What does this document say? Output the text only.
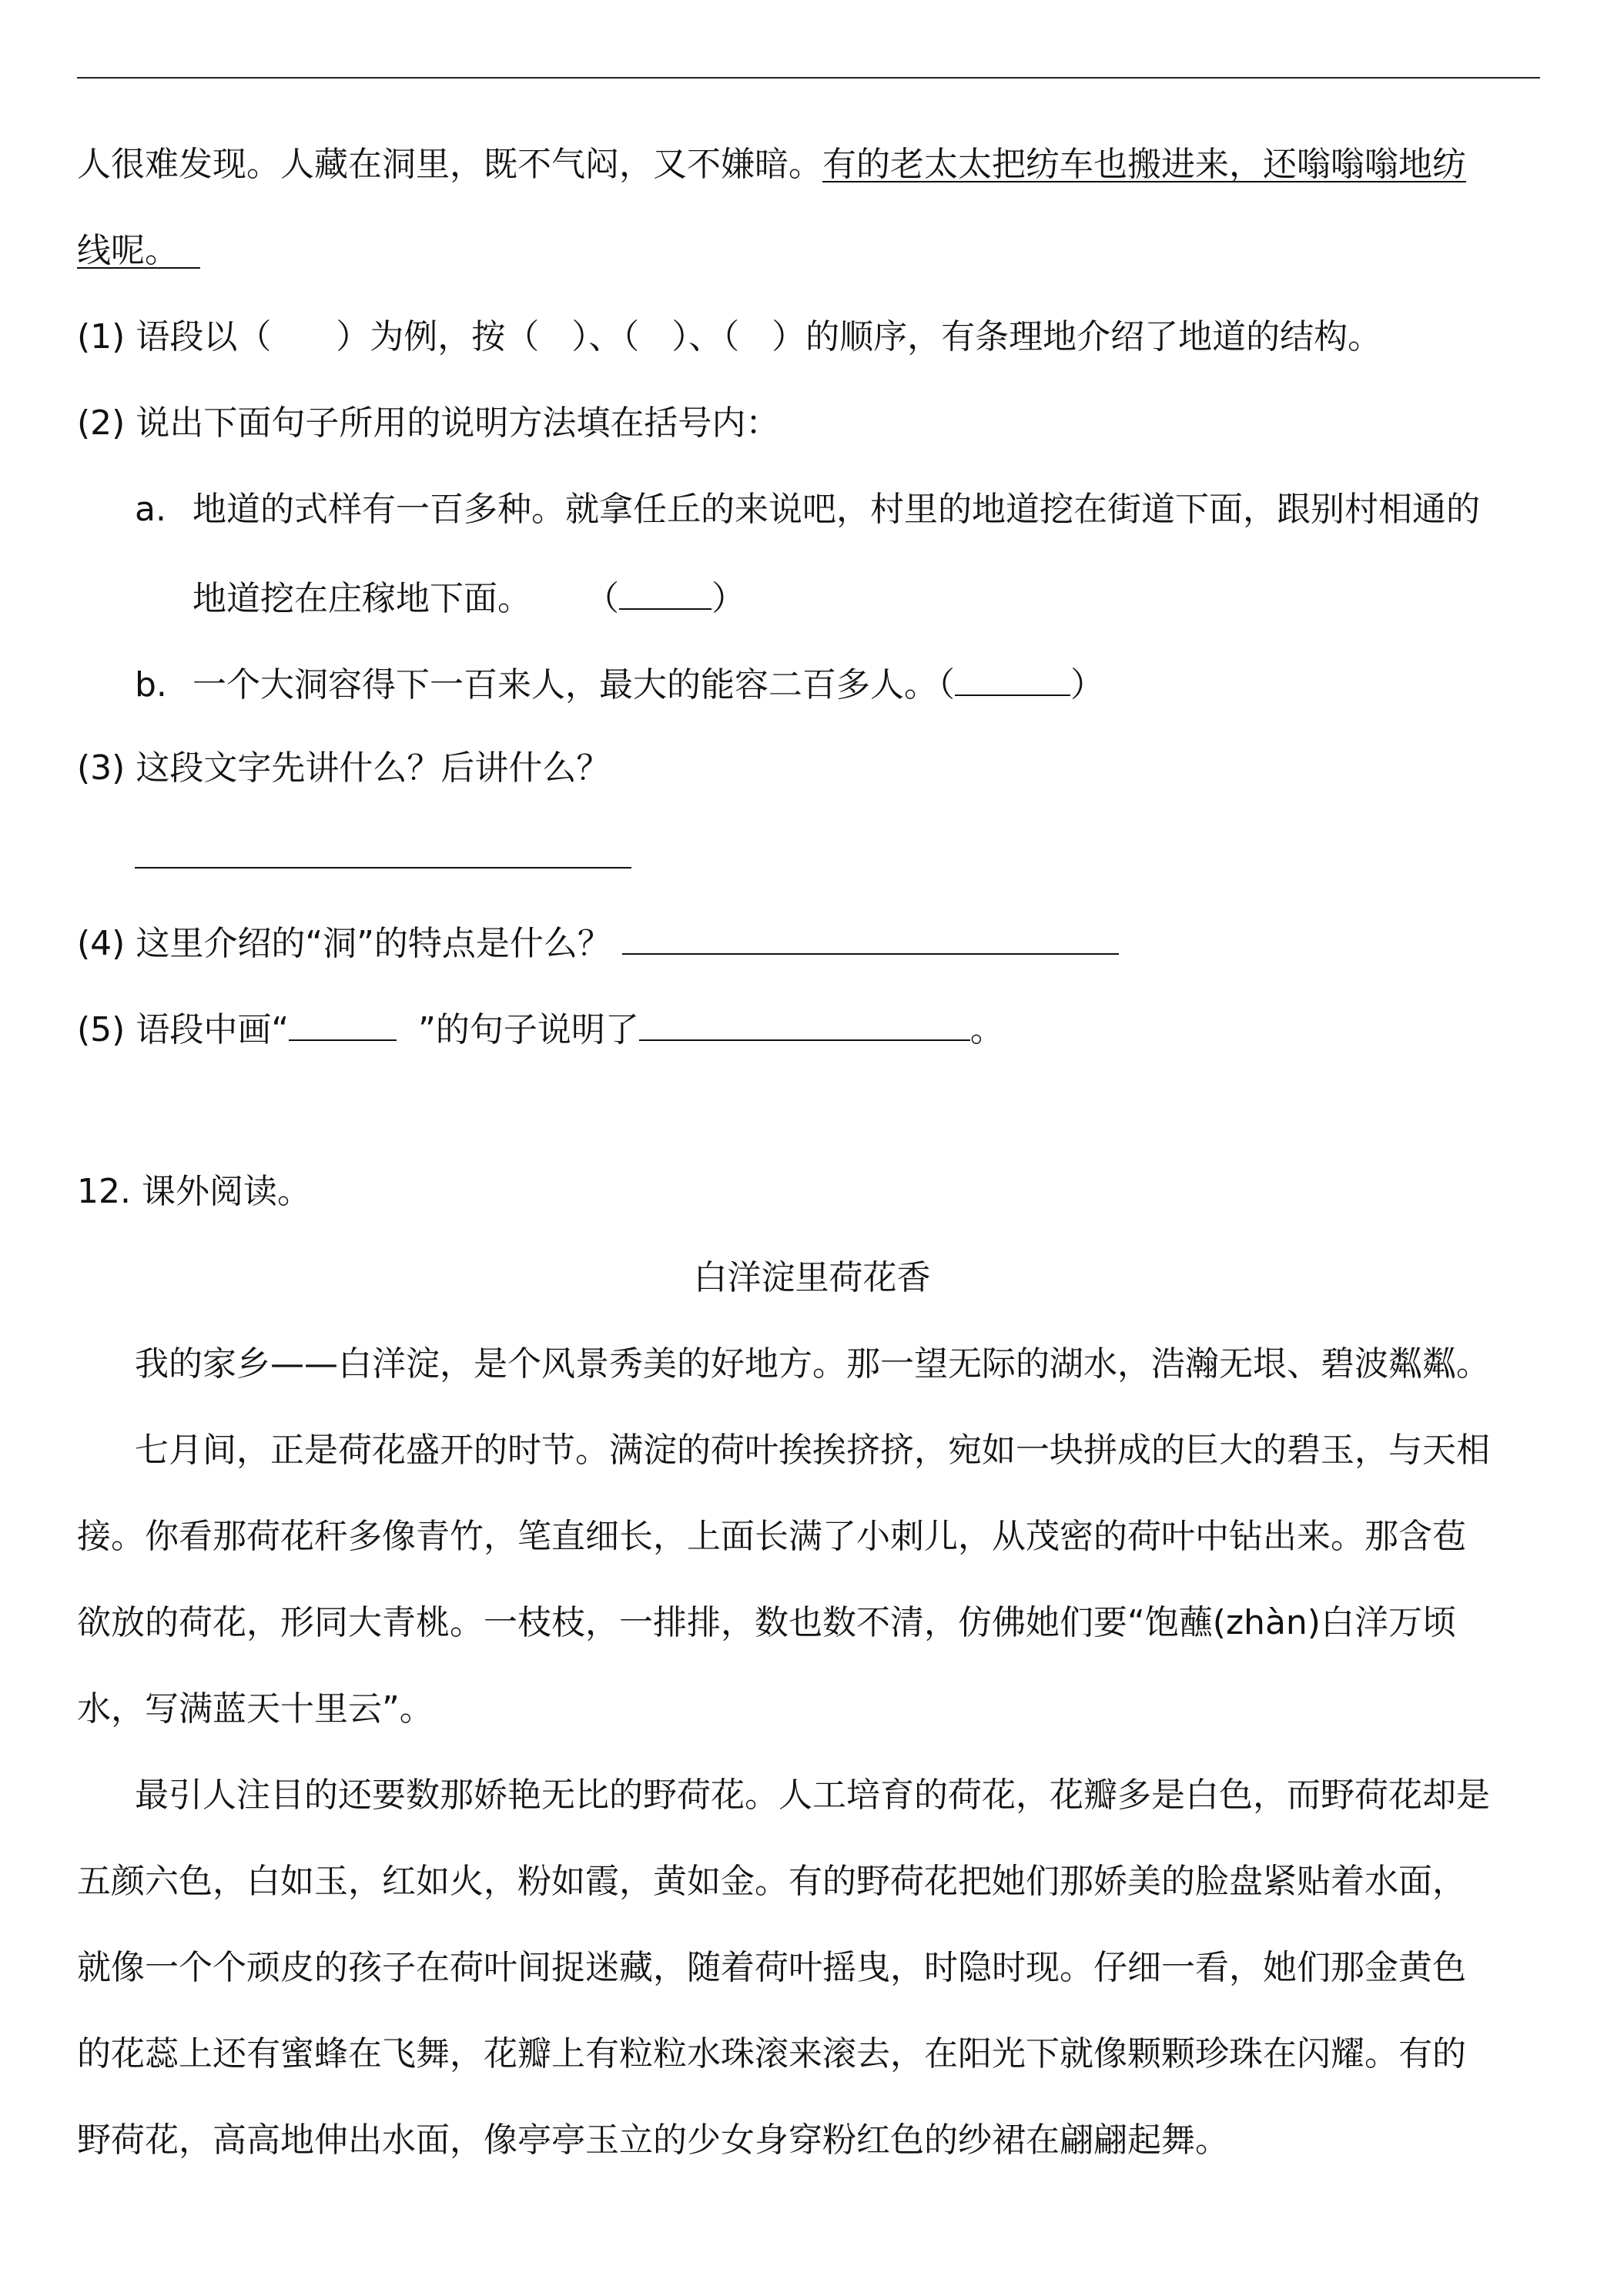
人很难发现。人藏在洞里，既不气闷，又不嫌暗。有的老太太把纺车也搬进来，还嗡嗡嗡地纺
线呢。
(1) 语段以（ ）为例，按（ ）、（ ）、（ ）的顺序，有条理地介绍了地道的结构。
(2) 说出下面句子所用的说明方法填在括号内：
a. 地道的式样有一百多种。就拿任丘的来说吧，村里的地道挖在街道下面，跟别村相通的
地道挖在庄稼地下面。 （	）
b. 一个大洞容得下一百来人，最大的能容二百多人。（	）
(3) 这段文字先讲什么？后讲什么？
(4) 这里介绍的“洞”的特点是什么？
(5) 语段中画“	”的句子说明了	。
12. 课外阅读。
白洋淀里荷花香
我的家乡——白洋淀，是个风景秀美的好地方。那一望无际的湖水，浩瀚无垠、碧波粼粼。
七月间，正是荷花盛开的时节。满淀的荷叶挨挨挤挤，宛如一块拼成的巨大的碧玉，与天相
接。你看那荷花秆多像青竹，笔直细长，上面长满了小刺儿，从茂密的荷叶中钻出来。那含苞
欲放的荷花，形同大青桃。一枝枝，一排排，数也数不清，仿佛她们要“饱蘸(zhàn)白洋万顷
水，写满蓝天十里云”。
最引人注目的还要数那娇艳无比的野荷花。人工培育的荷花，花瓣多是白色，而野荷花却是
五颜六色，白如玉，红如火，粉如霞，黄如金。有的野荷花把她们那娇美的脸盘紧贴着水面，
就像一个个顽皮的孩子在荷叶间捉迷藏，随着荷叶摇曳，时隐时现。仔细一看，她们那金黄色
的花蕊上还有蜜蜂在飞舞，花瓣上有粒粒水珠滚来滚去，在阳光下就像颗颗珍珠在闪耀。有的
野荷花，高高地伸出水面，像亭亭玉立的少女身穿粉红色的纱裙在翩翩起舞。
